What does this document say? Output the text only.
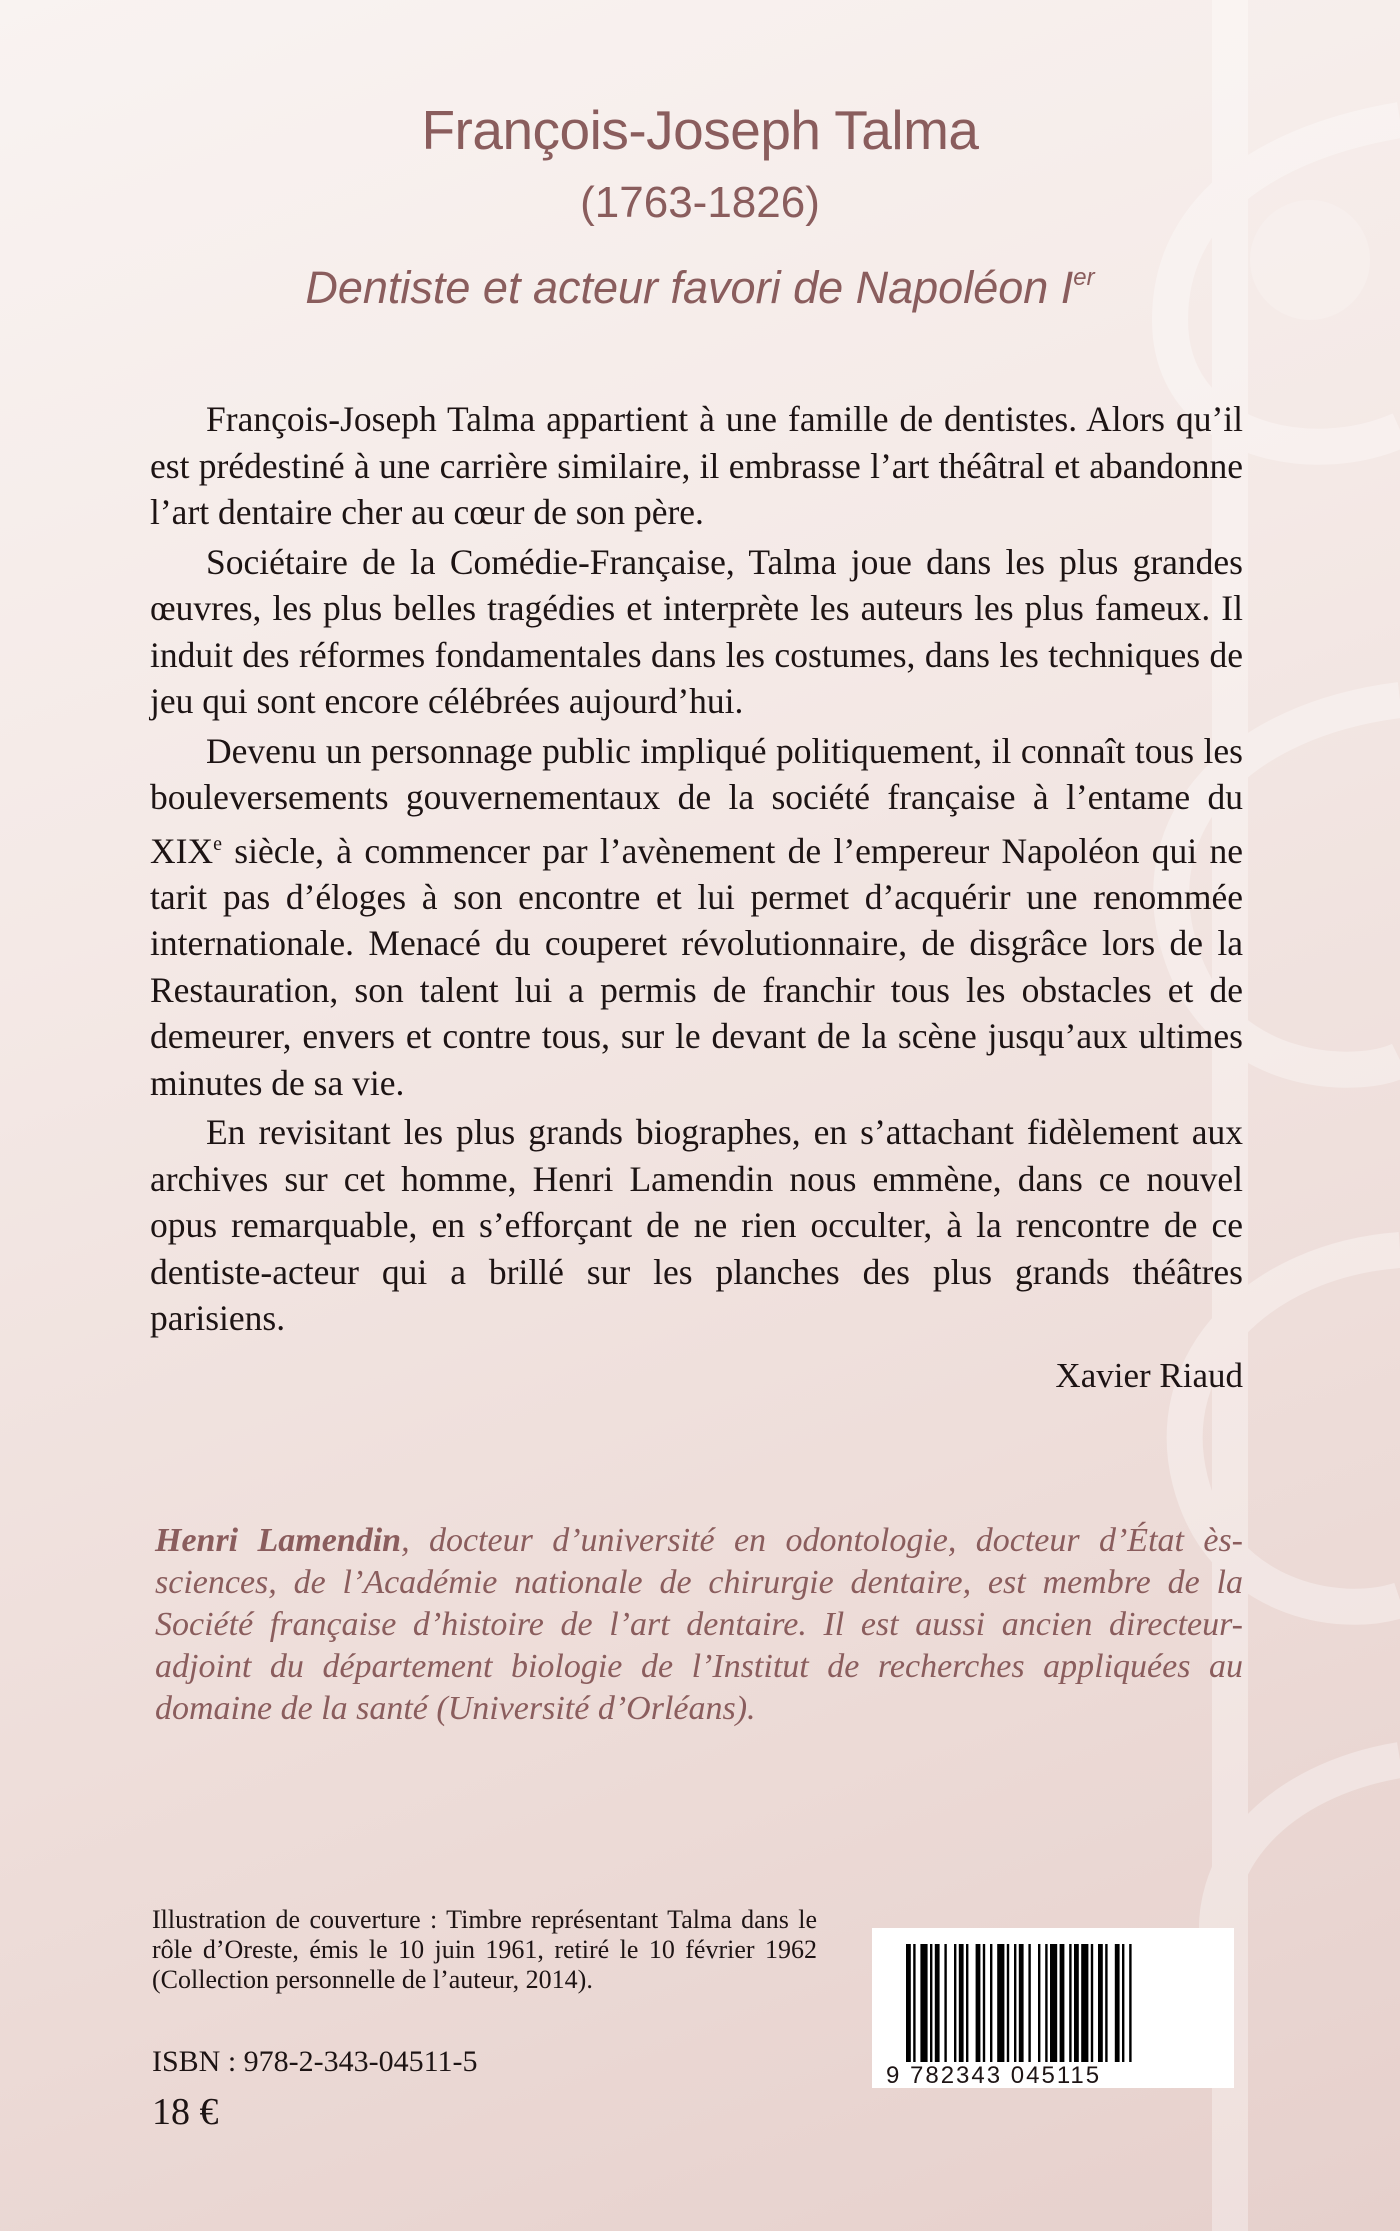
François-Joseph Talma
(1763-1826)
Dentiste et acteur favori de Napoléon Ier

François-Joseph Talma appartient à une famille de dentistes. Alors qu’il est prédestiné à une carrière similaire, il embrasse l’art théâtral et abandonne l’art dentaire cher au cœur de son père.

Sociétaire de la Comédie-Française, Talma joue dans les plus grandes œuvres, les plus belles tragédies et interprète les auteurs les plus fameux. Il induit des réformes fondamentales dans les costumes, dans les techniques de jeu qui sont encore célébrées aujourd’hui.

Devenu un personnage public impliqué politiquement, il connaît tous les bouleversements gouvernementaux de la société française à l’entame du XIXe siècle, à commencer par l’avènement de l’empereur Napoléon qui ne tarit pas d’éloges à son encontre et lui permet d’acquérir une renommée internationale. Menacé du couperet révolutionnaire, de disgrâce lors de la Restauration, son talent lui a permis de franchir tous les obstacles et de demeurer, envers et contre tous, sur le devant de la scène jusqu’aux ultimes minutes de sa vie.

En revisitant les plus grands biographes, en s’attachant fidèlement aux archives sur cet homme, Henri Lamendin nous emmène, dans ce nouvel opus remarquable, en s’efforçant de ne rien occulter, à la rencontre de ce dentiste-acteur qui a brillé sur les planches des plus grands théâtres parisiens.

Xavier Riaud
Henri Lamendin, docteur d’université en odontologie, docteur d’État ès-sciences, de l’Académie nationale de chirurgie dentaire, est membre de la Société française d’histoire de l’art dentaire. Il est aussi ancien directeur-adjoint du département biologie de l’Institut de recherches appliquées au domaine de la santé (Université d’Orléans).
Illustration de couverture : Timbre représentant Talma dans le rôle d’Oreste, émis le 10 juin 1961, retiré le 10 février 1962 (Collection personnelle de l’auteur, 2014).
ISBN : 978-2-343-04511-5
18 €
9 782343 045115
